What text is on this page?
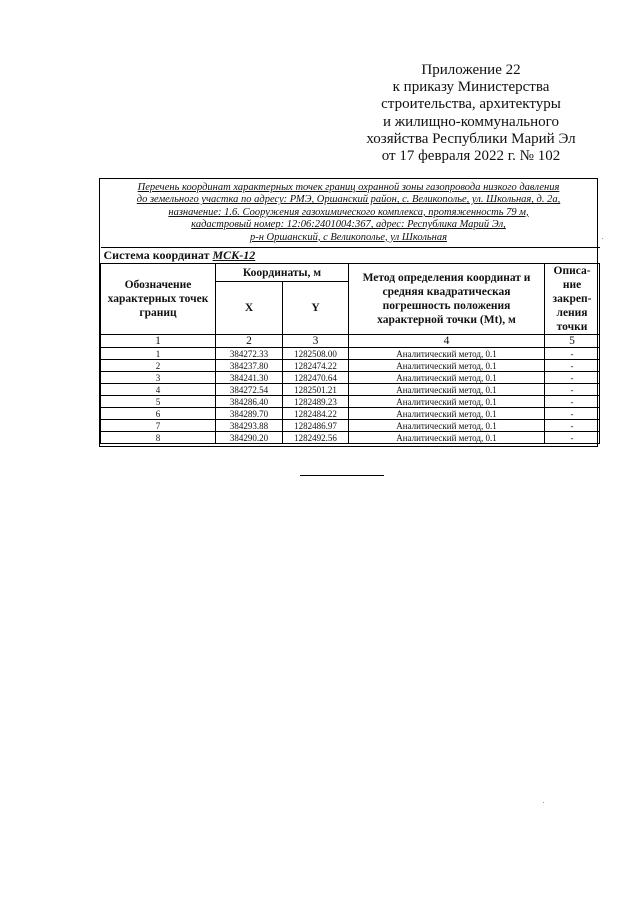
Приложение 22
к приказу Министерства
строительства, архитектуры
и жилищно-коммунального
хозяйства Республики Марий Эл
от 17 февраля 2022 г. № 102
Перечень координат характерных точек границ охранной зоны газопровода низкого давления
до земельного участка по адресу: РМЭ, Оршанский район, с. Великополье, ул. Школьная, д. 2а,
назначение: 1.6. Сооружения газохимического комплекса, протяженность 79 м,
кадастровый номер: 12:06:2401004:367, адрес: Республика Марий Эл,
р-н Оршанский, с Великополье, ул Школьная
Система координат МСК-12				
Обозначение характерных точек границ	Координаты, м		Метод определения координат и средняя квадратическая погрешность положения характерной точки (Mt), м	Описа-ние закреп-ления точки
	X	Y		
1	2	3	4	5
1	384272.33	1282508.00	Аналитический метод, 0.1	-
2	384237.80	1282474.22	Аналитический метод, 0.1	-
3	384241.30	1282470.64	Аналитический метод, 0.1	-
4	384272.54	1282501.21	Аналитический метод, 0.1	-
5	384286.40	1282489.23	Аналитический метод, 0.1	-
6	384289.70	1282484.22	Аналитический метод, 0.1	-
7	384293.88	1282486.97	Аналитический метод, 0.1	-
8	384290.20	1282492.56	Аналитический метод, 0.1	-
